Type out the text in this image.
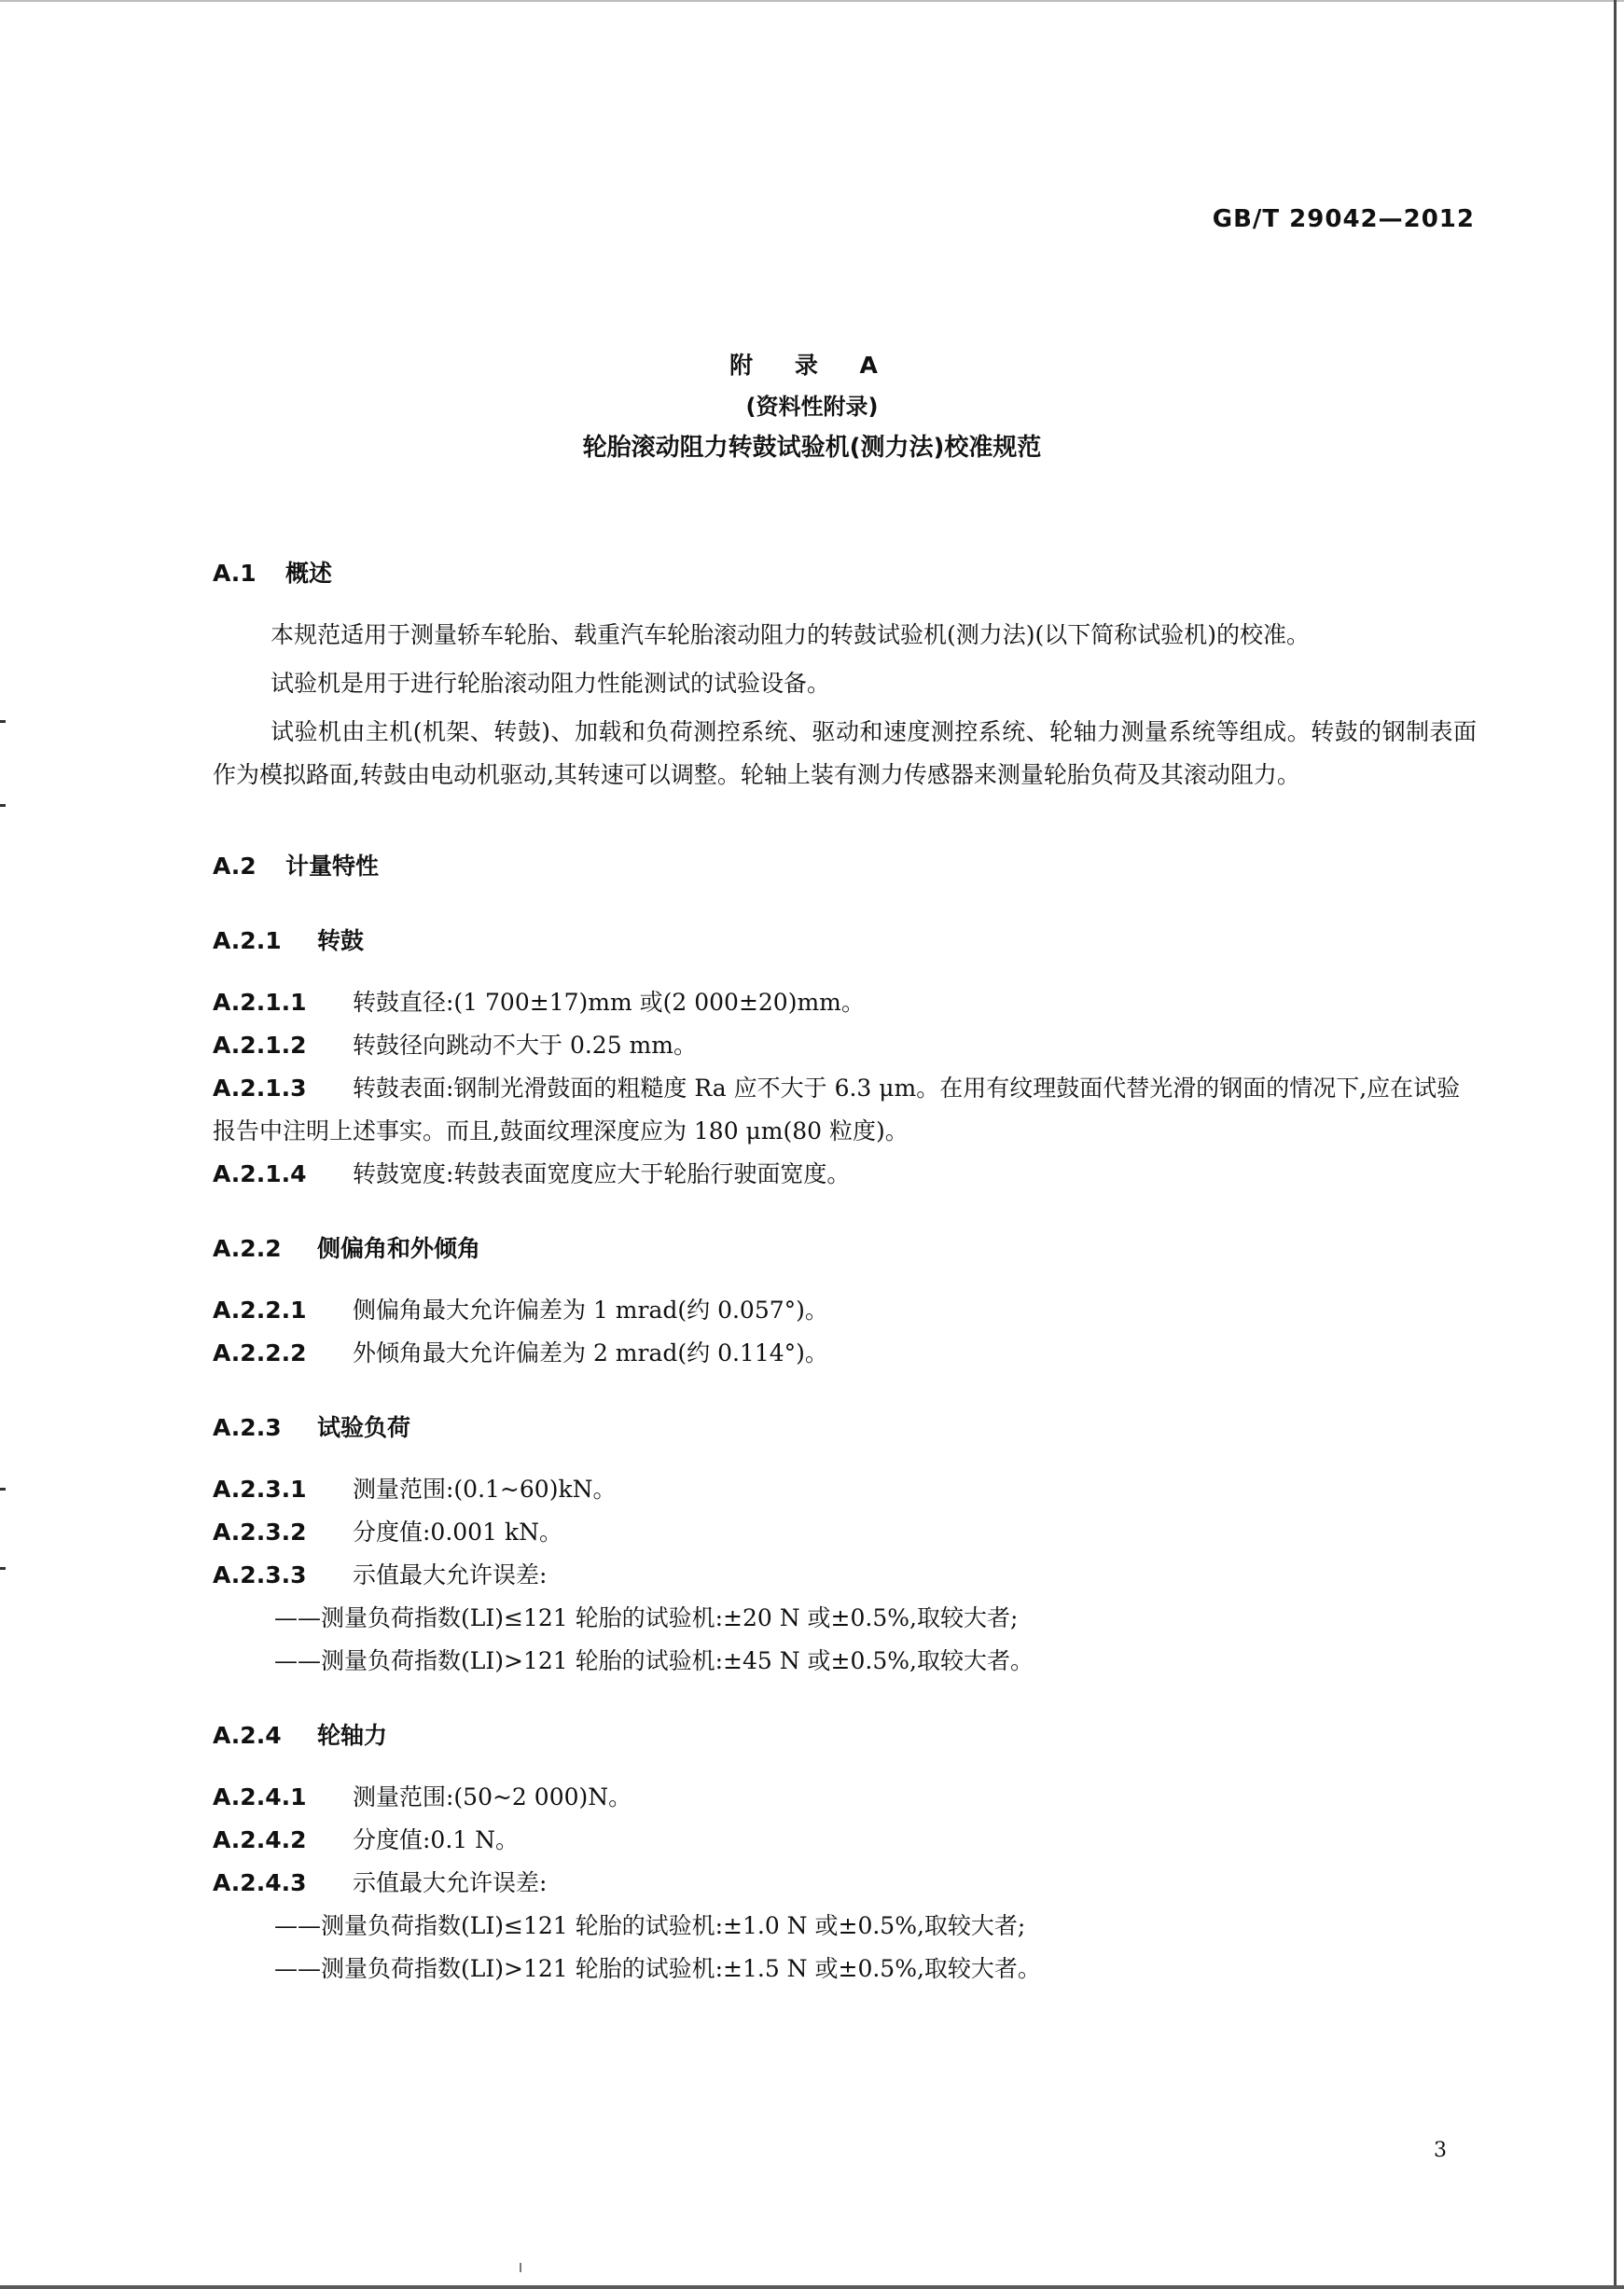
GB/T 29042—2012
附 录 A
(资料性附录)
轮胎滚动阻力转鼓试验机(测力法)校准规范
A.1 概述

本规范适用于测量轿车轮胎、载重汽车轮胎滚动阻力的转鼓试验机(测力法)(以下简称试验机)的校准。

试验机是用于进行轮胎滚动阻力性能测试的试验设备。

试验机由主机(机架、转鼓)、加载和负荷测控系统、驱动和速度测控系统、轮轴力测量系统等组成。转鼓的钢制表面作为模拟路面,转鼓由电动机驱动,其转速可以调整。轮轴上装有测力传感器来测量轮胎负荷及其滚动阻力。

A.2 计量特性
A.2.1 转鼓

A.2.1.1 转鼓直径:(1 700±17)mm 或(2 000±20)mm。

A.2.1.2 转鼓径向跳动不大于 0.25 mm。

A.2.1.3 转鼓表面:钢制光滑鼓面的粗糙度 Ra 应不大于 6.3 μm。在用有纹理鼓面代替光滑的钢面的情况下,应在试验报告中注明上述事实。而且,鼓面纹理深度应为 180 μm(80 粒度)。

A.2.1.4 转鼓宽度:转鼓表面宽度应大于轮胎行驶面宽度。

A.2.2 侧偏角和外倾角

A.2.2.1 侧偏角最大允许偏差为 1 mrad(约 0.057°)。

A.2.2.2 外倾角最大允许偏差为 2 mrad(约 0.114°)。

A.2.3 试验负荷

A.2.3.1 测量范围:(0.1~60)kN。

A.2.3.2 分度值:0.001 kN。

A.2.3.3 示值最大允许误差:

——测量负荷指数(LI)≤121 轮胎的试验机:±20 N 或±0.5%,取较大者;

——测量负荷指数(LI)>121 轮胎的试验机:±45 N 或±0.5%,取较大者。

A.2.4 轮轴力

A.2.4.1 测量范围:(50~2 000)N。

A.2.4.2 分度值:0.1 N。

A.2.4.3 示值最大允许误差:

——测量负荷指数(LI)≤121 轮胎的试验机:±1.0 N 或±0.5%,取较大者;

——测量负荷指数(LI)>121 轮胎的试验机:±1.5 N 或±0.5%,取较大者。

3
